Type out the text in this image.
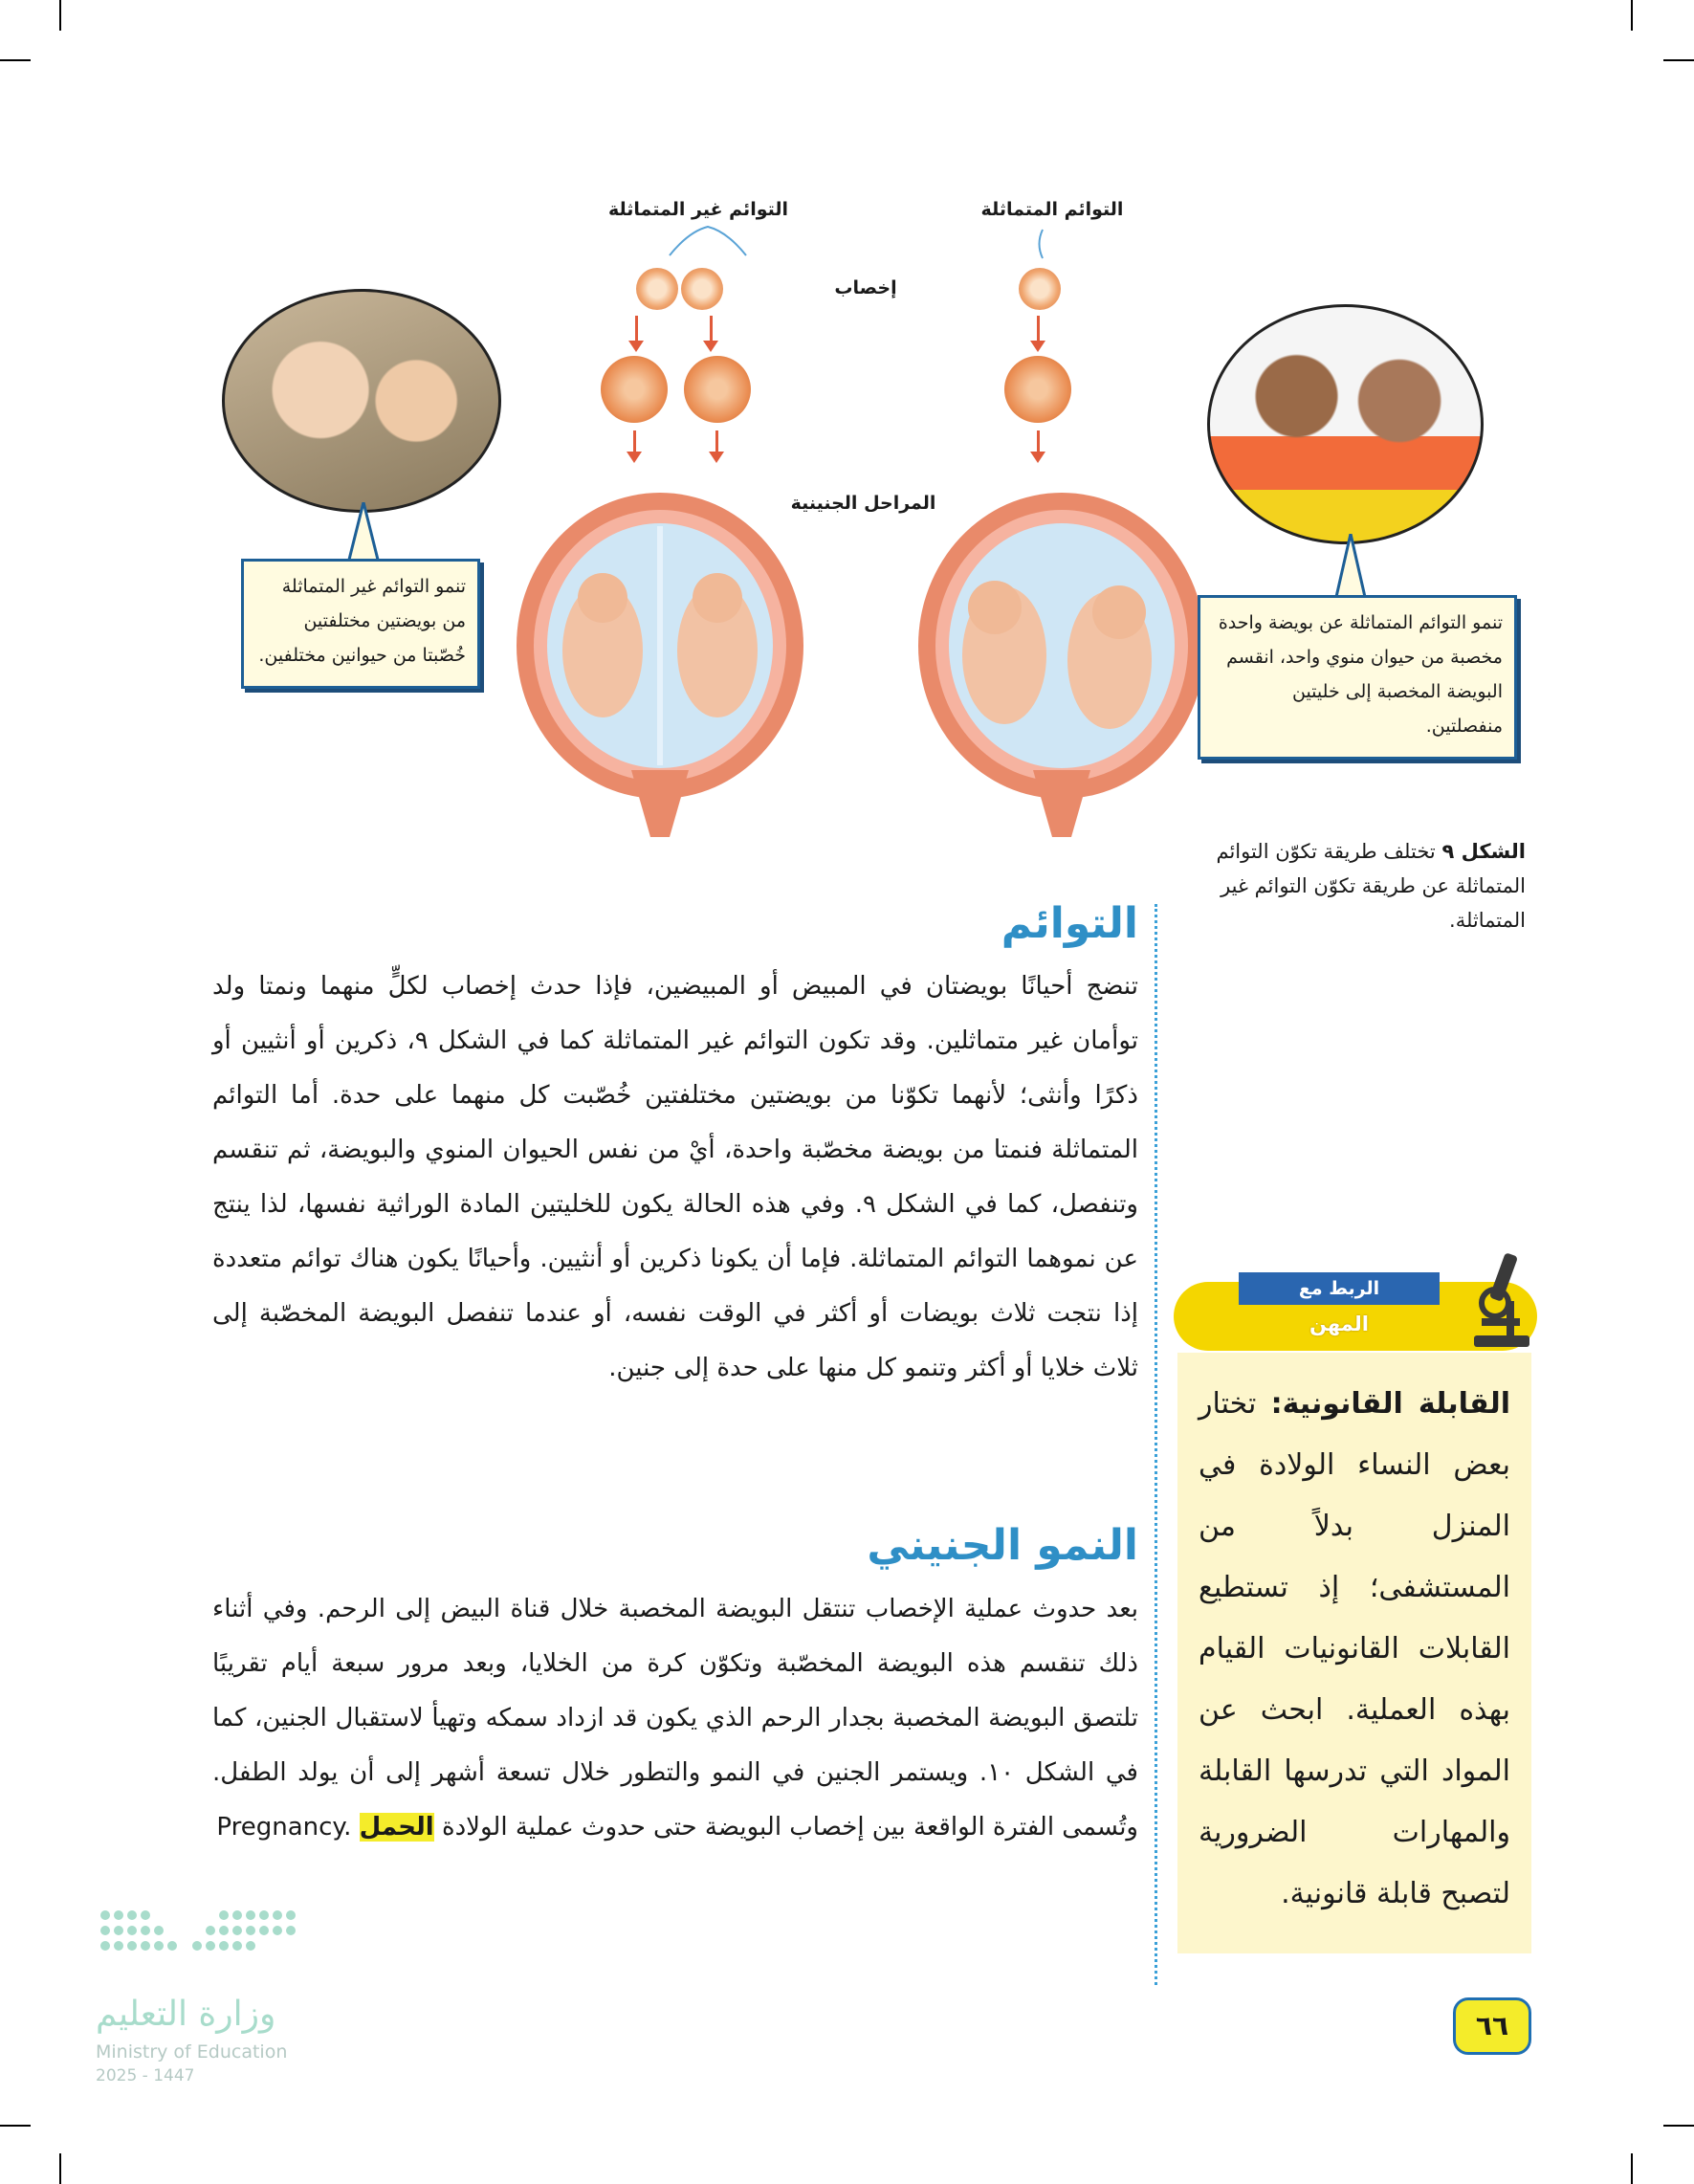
التوائم المتماثلة
التوائم غير المتماثلة
إخصاب
المراحل الجنينية
تنمو التوائم غير المتماثلة من بويضتين مختلفتين خُصّبتا من حيوانين مختلفين.
تنمو التوائم المتماثلة عن بويضة واحدة مخصبة من حيوان منوي واحد، انقسم البويضة المخصبة إلى خليتين منفصلتين.
الشكل ٩ تختلف طريقة تكوّن التوائم المتماثلة عن طريقة تكوّن التوائم غير المتماثلة.
التوائم

تنضج أحيانًا بويضتان في المبيض أو المبيضين، فإذا حدث إخصاب لكلٍّ منهما ونمتا ولد توأمان غير متماثلين. وقد تكون التوائم غير المتماثلة كما في الشكل ٩، ذكرين أو أنثيين أو ذكرًا وأنثى؛ لأنهما تكوّنا من بويضتين مختلفتين خُصّبت كل منهما على حدة. أما التوائم المتماثلة فنمتا من بويضة مخصّبة واحدة، أيْ من نفس الحيوان المنوي والبويضة، ثم تنقسم وتنفصل، كما في الشكل ٩. وفي هذه الحالة يكون للخليتين المادة الوراثية نفسها، لذا ينتج عن نموهما التوائم المتماثلة. فإما أن يكونا ذكرين أو أنثيين. وأحيانًا يكون هناك توائم متعددة إذا نتجت ثلاث بويضات أو أكثر في الوقت نفسه، أو عندما تنفصل البويضة المخصّبة إلى ثلاث خلايا أو أكثر وتنمو كل منها على حدة إلى جنين.

النمو الجنيني

بعد حدوث عملية الإخصاب تنتقل البويضة المخصبة خلال قناة البيض إلى الرحم. وفي أثناء ذلك تنقسم هذه البويضة المخصّبة وتكوّن كرة من الخلايا، وبعد مرور سبعة أيام تقريبًا تلتصق البويضة المخصبة بجدار الرحم الذي يكون قد ازداد سمكه وتهيأ لاستقبال الجنين، كما في الشكل ١٠. ويستمر الجنين في النمو والتطور خلال تسعة أشهر إلى أن يولد الطفل. وتُسمى الفترة الواقعة بين إخصاب البويضة حتى حدوث عملية الولادة الحمل Pregnancy.

الربط مع
المهن
القابلة القانونية: تختار بعض النساء الولادة في المنزل بدلاً من المستشفى؛ إذ تستطيع القابلات القانونيات القيام بهذه العملية. ابحث عن المواد التي تدرسها القابلة والمهارات الضرورية لتصبح قابلة قانونية.
٦٦
وزارة التعليم
Ministry of Education
2025 - 1447
